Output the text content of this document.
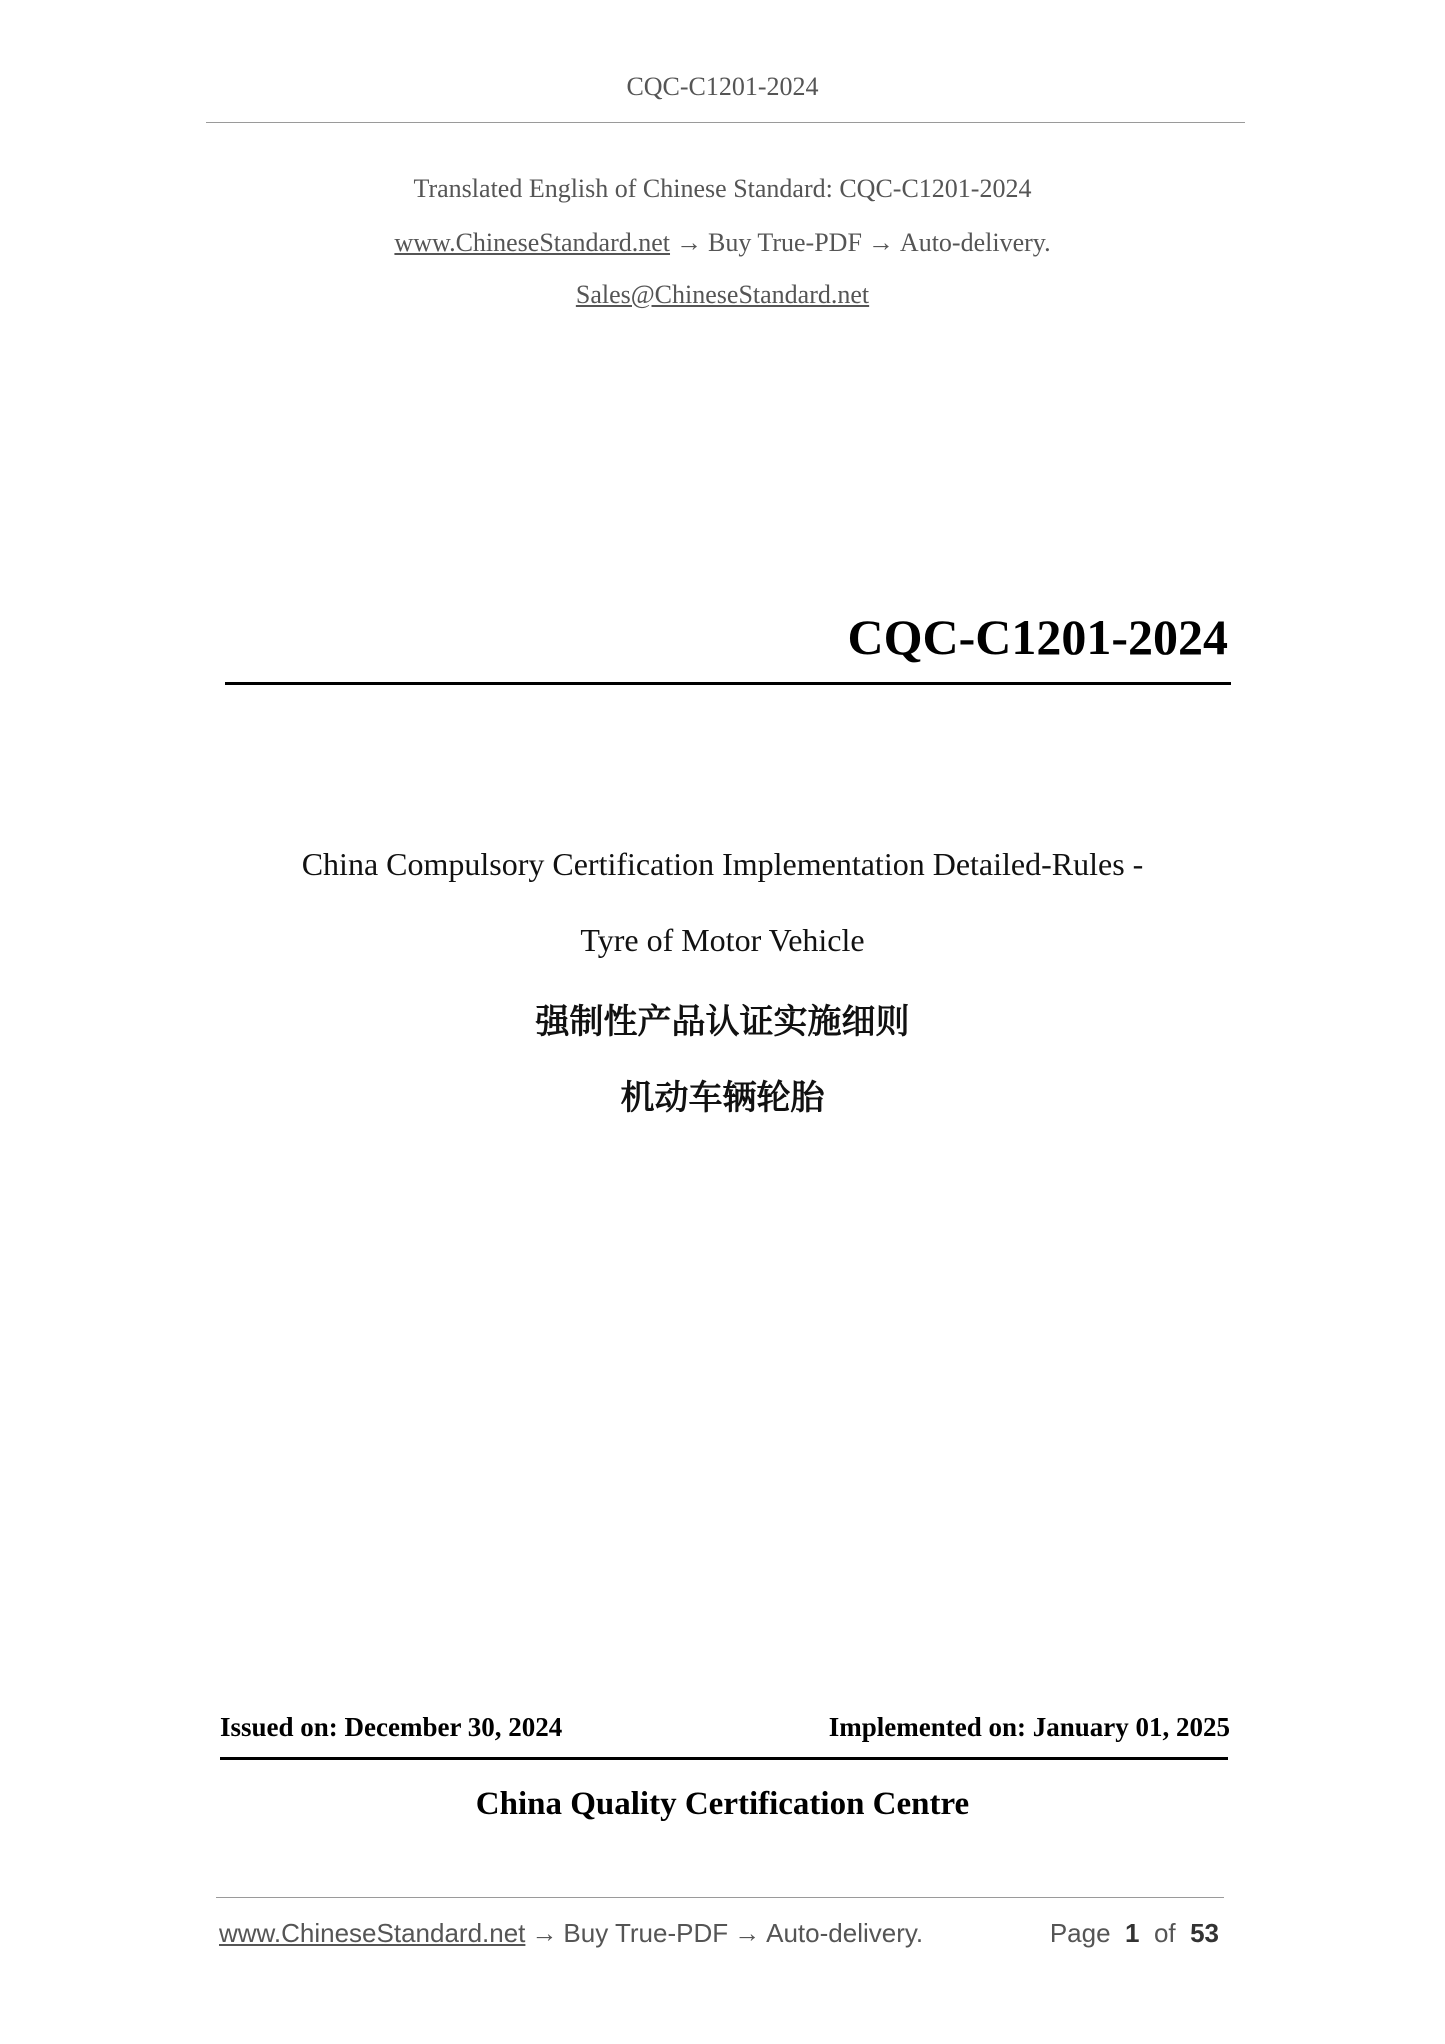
CQC-C1201-2024
Translated English of Chinese Standard: CQC-C1201-2024
www.ChineseStandard.net → Buy True-PDF → Auto-delivery.
Sales@ChineseStandard.net
CQC-C1201-2024
China Compulsory Certification Implementation Detailed-Rules -
Tyre of Motor Vehicle
强制性产品认证实施细则
机动车辆轮胎
Issued on: December 30, 2024	Implemented on: January 01, 2025
China Quality Certification Centre
www.ChineseStandard.net → Buy True-PDF → Auto-delivery.	Page 1 of 53
